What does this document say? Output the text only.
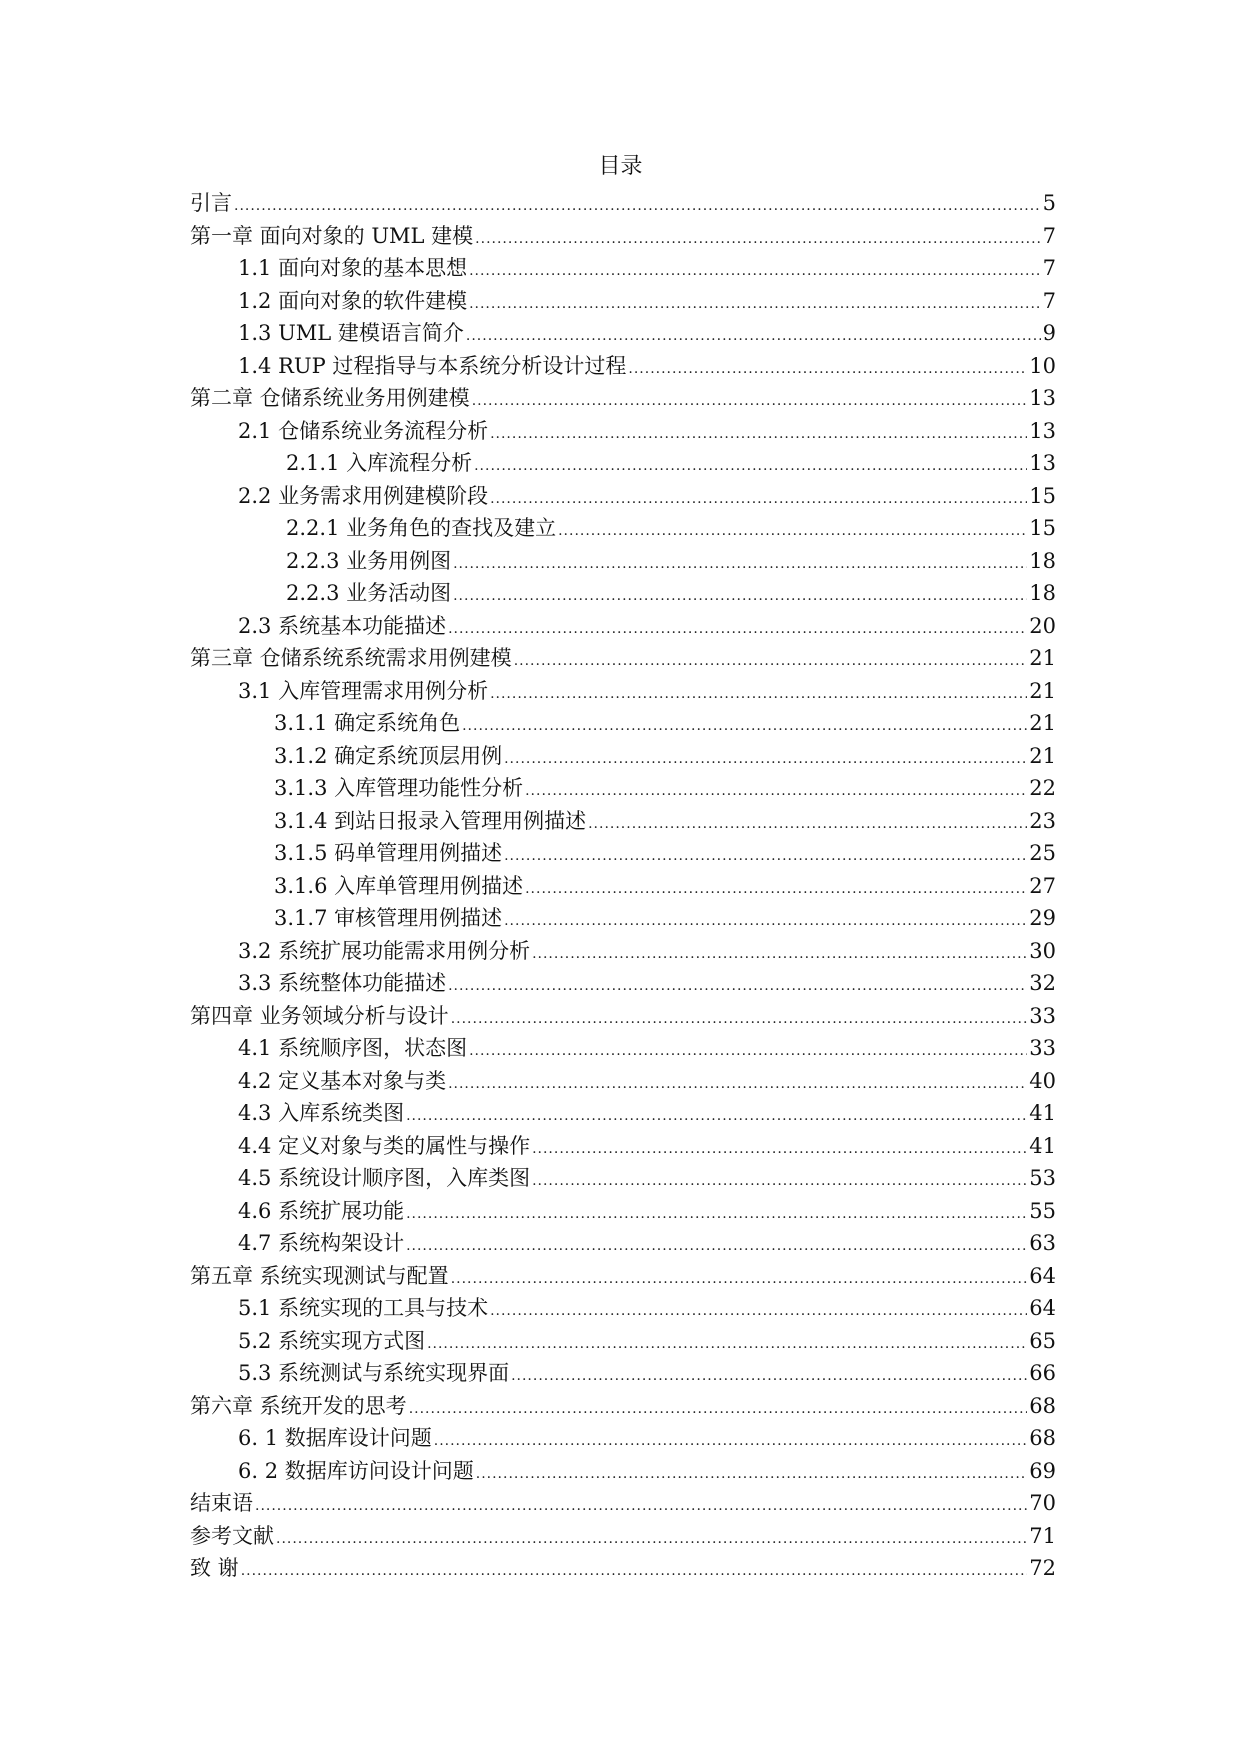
目录
引言 .....	5
第一章 面向对象的 UML 建模 .....	7
1.1 面向对象的基本思想 .....	7
1.2 面向对象的软件建模 .....	7
1.3 UML 建模语言简介 .....	9
1.4 RUP 过程指导与本系统分析设计过程 .....	10
第二章 仓储系统业务用例建模 .....	13
2.1 仓储系统业务流程分析 .....	13
2.1.1 入库流程分析 .....	13
2.2 业务需求用例建模阶段 .....	15
2.2.1 业务角色的查找及建立 .....	15
2.2.3 业务用例图 .....	18
2.2.3 业务活动图 .....	18
2.3 系统基本功能描述 .....	20
第三章 仓储系统系统需求用例建模 .....	21
3.1 入库管理需求用例分析 .....	21
3.1.1 确定系统角色 .....	21
3.1.2 确定系统顶层用例 .....	21
3.1.3 入库管理功能性分析 .....	22
3.1.4 到站日报录入管理用例描述 .....	23
3.1.5 码单管理用例描述 .....	25
3.1.6 入库单管理用例描述 .....	27
3.1.7 审核管理用例描述 .....	29
3.2 系统扩展功能需求用例分析 .....	30
3.3 系统整体功能描述 .....	32
第四章 业务领域分析与设计 .....	33
4.1 系统顺序图，状态图 .....	33
4.2 定义基本对象与类 .....	40
4.3 入库系统类图 .....	41
4.4 定义对象与类的属性与操作 .....	41
4.5 系统设计顺序图，入库类图 .....	53
4.6 系统扩展功能 .....	55
4.7 系统构架设计 .....	63
第五章 系统实现测试与配置 .....	64
5.1 系统实现的工具与技术 .....	64
5.2 系统实现方式图 .....	65
5.3 系统测试与系统实现界面 .....	66
第六章 系统开发的思考 .....	68
6. 1 数据库设计问题 .....	68
6. 2 数据库访问设计问题 .....	69
结束语 .....	70
参考文献 .....	71
致 谢 .....	72
